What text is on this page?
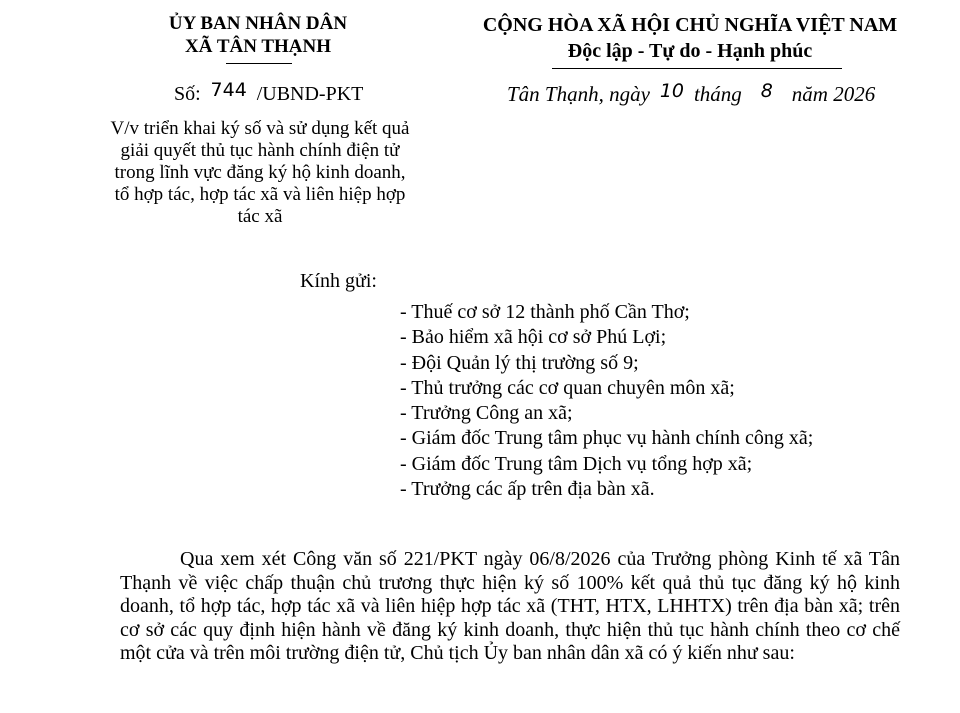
ỦY BAN NHÂN DÂN
XÃ TÂN THẠNH
Số: 744 /UBND-PKT
V/v triển khai ký số và sử dụng kết quả giải quyết thủ tục hành chính điện tử trong lĩnh vực đăng ký hộ kinh doanh, tổ hợp tác, hợp tác xã và liên hiệp hợp tác xã
CỘNG HÒA XÃ HỘI CHỦ NGHĨA VIỆT NAM
Độc lập - Tự do - Hạnh phúc
Tân Thạnh, ngày 10 tháng 8 năm 2026
Kính gửi:
- Thuế cơ sở 12 thành phố Cần Thơ;
- Bảo hiểm xã hội cơ sở Phú Lợi;
- Đội Quản lý thị trường số 9;
- Thủ trưởng các cơ quan chuyên môn xã;
- Trưởng Công an xã;
- Giám đốc Trung tâm phục vụ hành chính công xã;
- Giám đốc Trung tâm Dịch vụ tổng hợp xã;
- Trưởng các ấp trên địa bàn xã.
Qua xem xét Công văn số 221/PKT ngày 06/8/2026 của Trưởng phòng Kinh tế xã Tân Thạnh về việc chấp thuận chủ trương thực hiện ký số 100% kết quả thủ tục đăng ký hộ kinh doanh, tổ hợp tác, hợp tác xã và liên hiệp hợp tác xã (THT, HTX, LHHTX) trên địa bàn xã; trên cơ sở các quy định hiện hành về đăng ký kinh doanh, thực hiện thủ tục hành chính theo cơ chế một cửa và trên môi trường điện tử, Chủ tịch Ủy ban nhân dân xã có ý kiến như sau:
